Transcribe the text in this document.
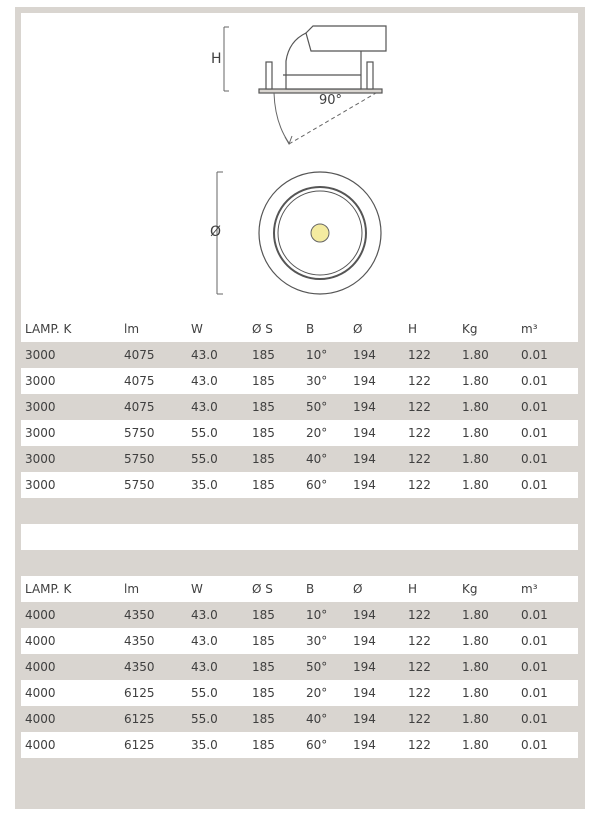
H
90°
Ø
LAMP. K	lm	W	Ø S	B	Ø	H	Kg	m³
3000	4075	43.0	185	10° 194	122	1.80	0.01
3000	4075	43.0	185	30° 194	122	1.80	0.01
3000	4075	43.0	185	50° 194	122	1.80	0.01
3000	5750	55.0	185	20° 194	122	1.80	0.01
3000	5750	55.0	185	40° 194	122	1.80	0.01
3000	5750	35.0	185	60° 194	122	1.80	0.01
LAMP. K	lm	W	Ø S	B	Ø	H	Kg	m³
4000	4350	43.0	185	10° 194	122	1.80	0.01
4000	4350	43.0	185	30° 194	122	1.80	0.01
4000	4350	43.0	185	50° 194	122	1.80	0.01
4000	6125	55.0	185	20° 194	122	1.80	0.01
4000	6125	55.0	185	40° 194	122	1.80	0.01
4000	6125	35.0	185	60° 194	122	1.80	0.01
